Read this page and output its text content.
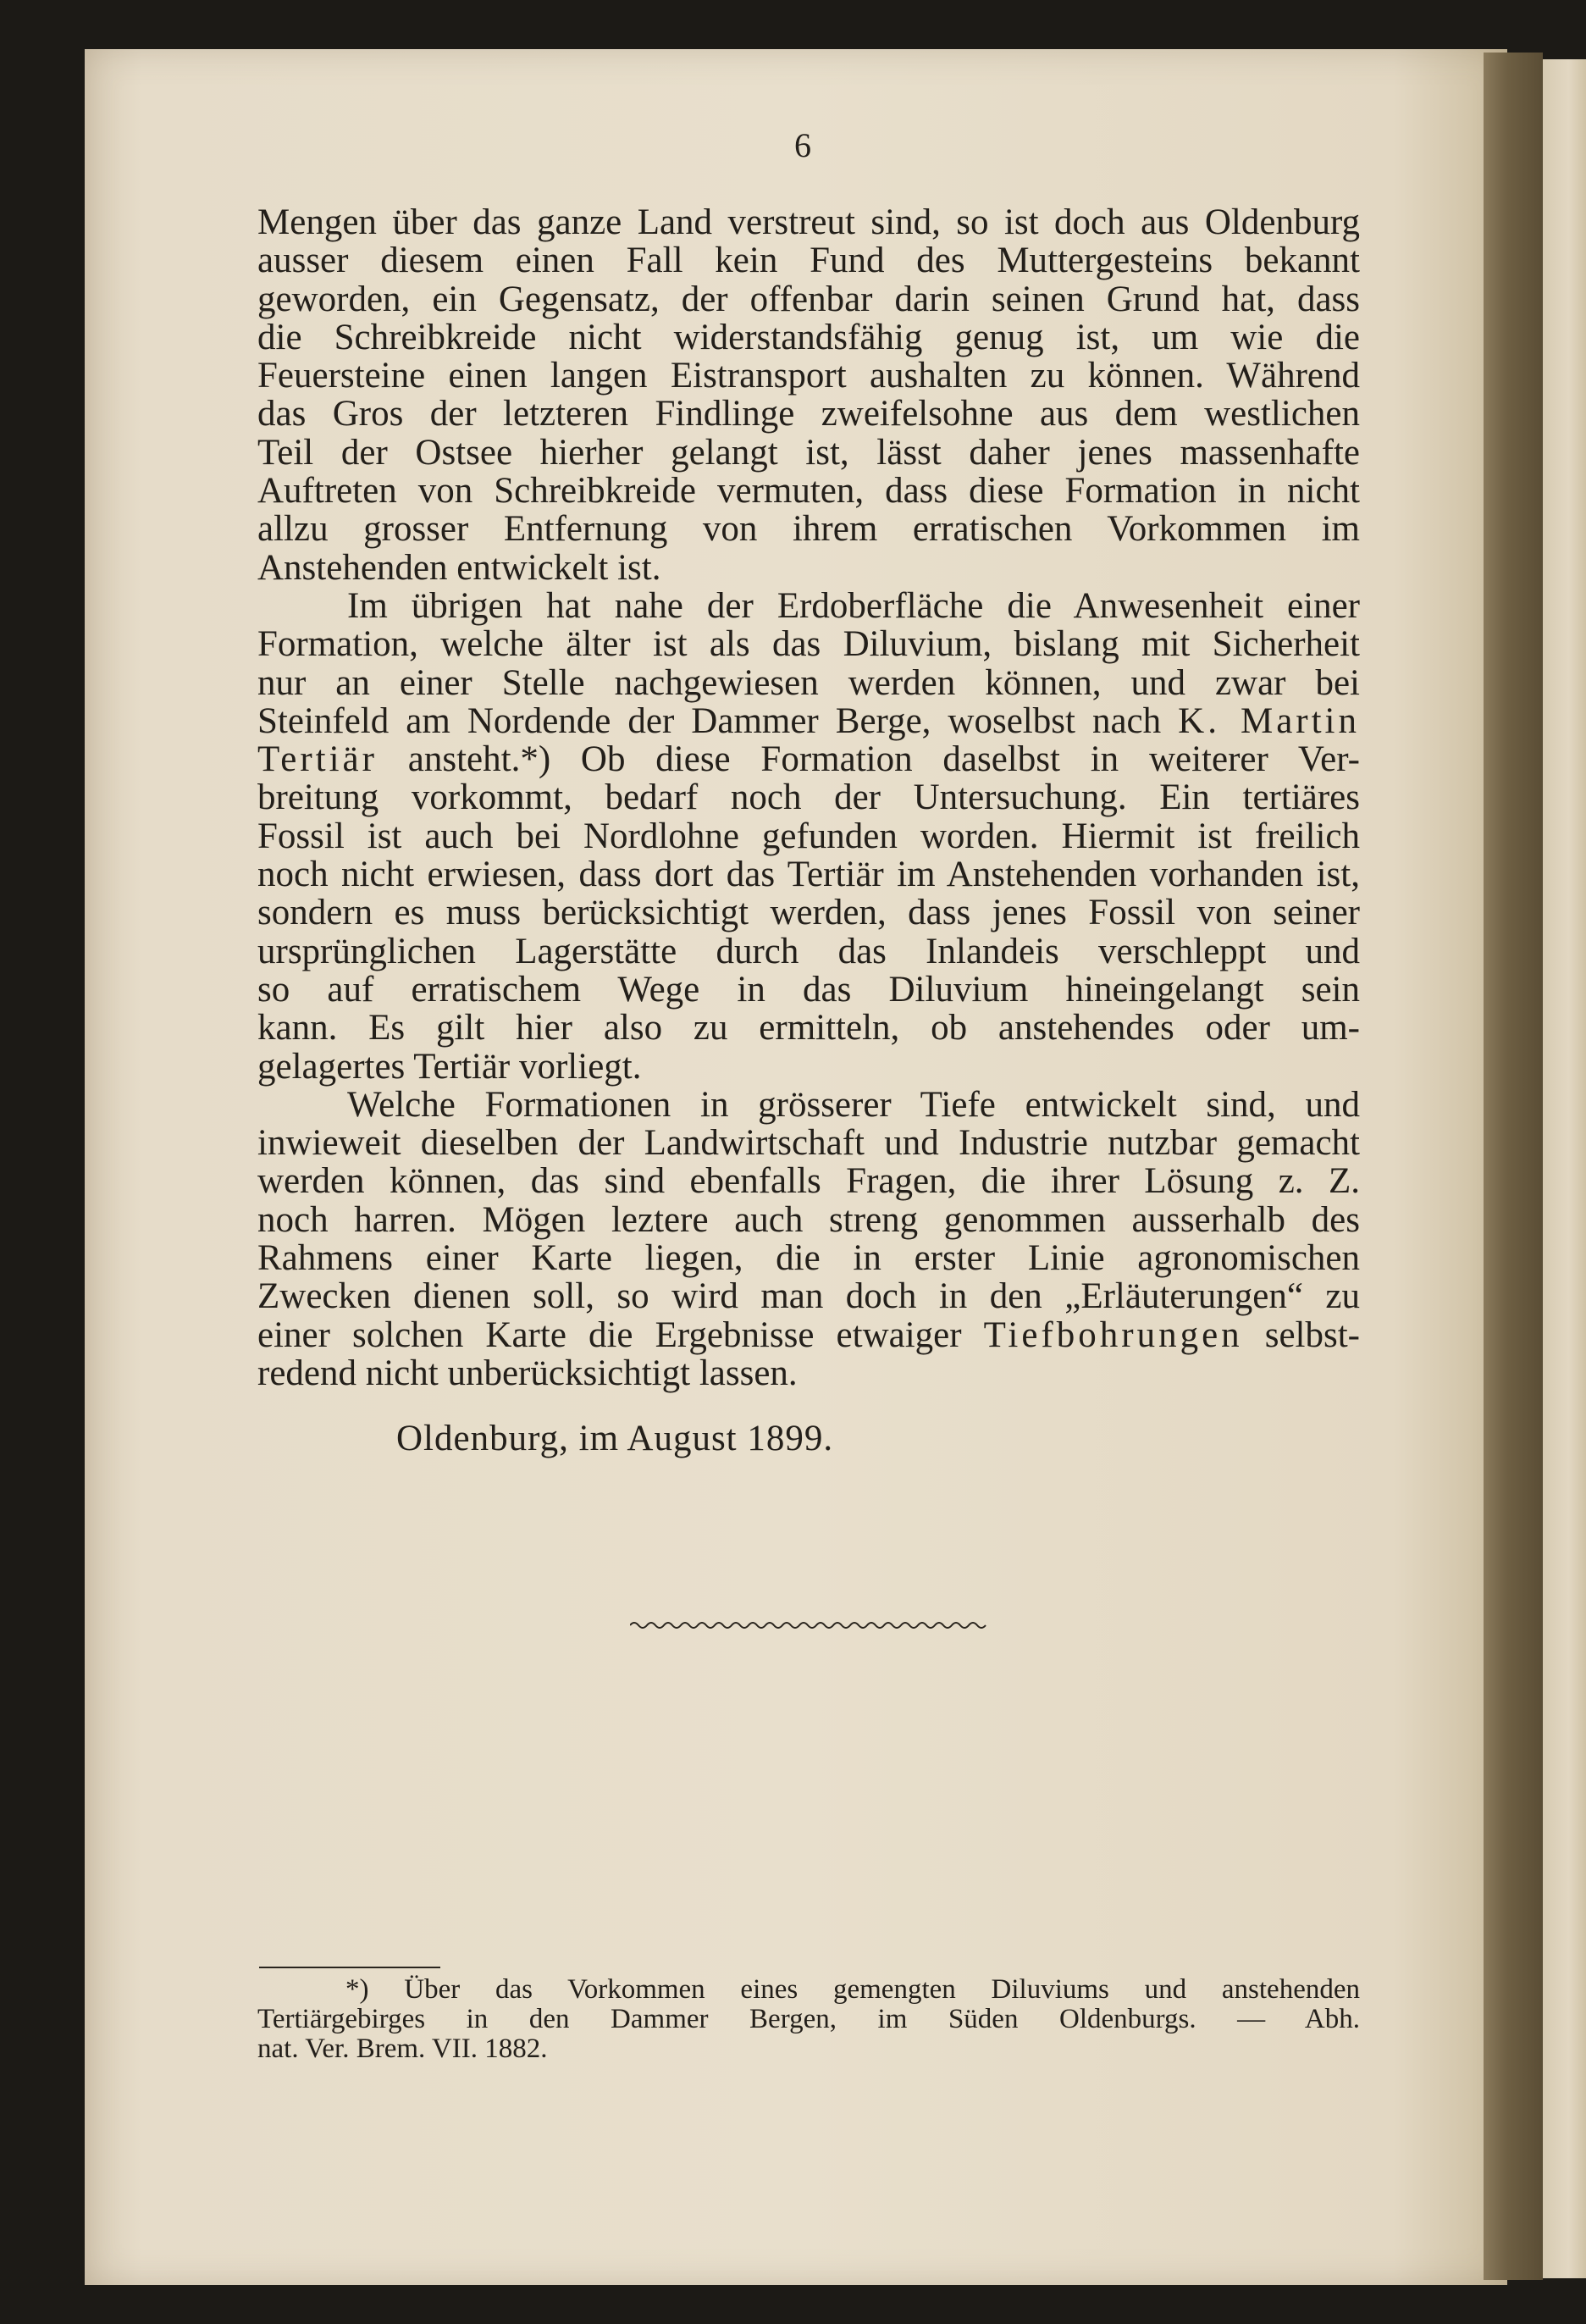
6

Mengen über das ganze Land verstreut sind, so ist doch aus Oldenburg

ausser diesem einen Fall kein Fund des Muttergesteins bekannt

geworden, ein Gegensatz, der offenbar darin seinen Grund hat, dass

die Schreibkreide nicht widerstandsfähig genug ist, um wie die

Feuersteine einen langen Eistransport aushalten zu können. Während

das Gros der letzteren Findlinge zweifelsohne aus dem westlichen

Teil der Ostsee hierher gelangt ist, lässt daher jenes massenhafte

Auftreten von Schreibkreide vermuten, dass diese Formation in nicht

allzu grosser Entfernung von ihrem erratischen Vorkommen im

Anstehenden entwickelt ist.

Im übrigen hat nahe der Erdoberfläche die Anwesenheit einer

Formation, welche älter ist als das Diluvium, bislang mit Sicherheit

nur an einer Stelle nachgewiesen werden können, und zwar bei

Steinfeld am Nordende der Dammer Berge, woselbst nach K. Martin

Tertiär ansteht.*) Ob diese Formation daselbst in weiterer Ver-

breitung vorkommt, bedarf noch der Untersuchung. Ein tertiäres

Fossil ist auch bei Nordlohne gefunden worden. Hiermit ist freilich

noch nicht erwiesen, dass dort das Tertiär im Anstehenden vorhanden ist,

sondern es muss berücksichtigt werden, dass jenes Fossil von seiner

ursprünglichen Lagerstätte durch das Inlandeis verschleppt und

so auf erratischem Wege in das Diluvium hineingelangt sein

kann. Es gilt hier also zu ermitteln, ob anstehendes oder um-

gelagertes Tertiär vorliegt.

Welche Formationen in grösserer Tiefe entwickelt sind, und

inwieweit dieselben der Landwirtschaft und Industrie nutzbar gemacht

werden können, das sind ebenfalls Fragen, die ihrer Lösung z. Z.

noch harren. Mögen leztere auch streng genommen ausserhalb des

Rahmens einer Karte liegen, die in erster Linie agronomischen

Zwecken dienen soll, so wird man doch in den „Erläuterungen“ zu

einer solchen Karte die Ergebnisse etwaiger Tiefbohrungen selbst-

redend nicht unberücksichtigt lassen.

Oldenburg, im August 1899.

*) Über das Vorkommen eines gemengten Diluviums und anstehenden

Tertiärgebirges in den Dammer Bergen, im Süden Oldenburgs. — Abh.

nat. Ver. Brem. VII. 1882.
